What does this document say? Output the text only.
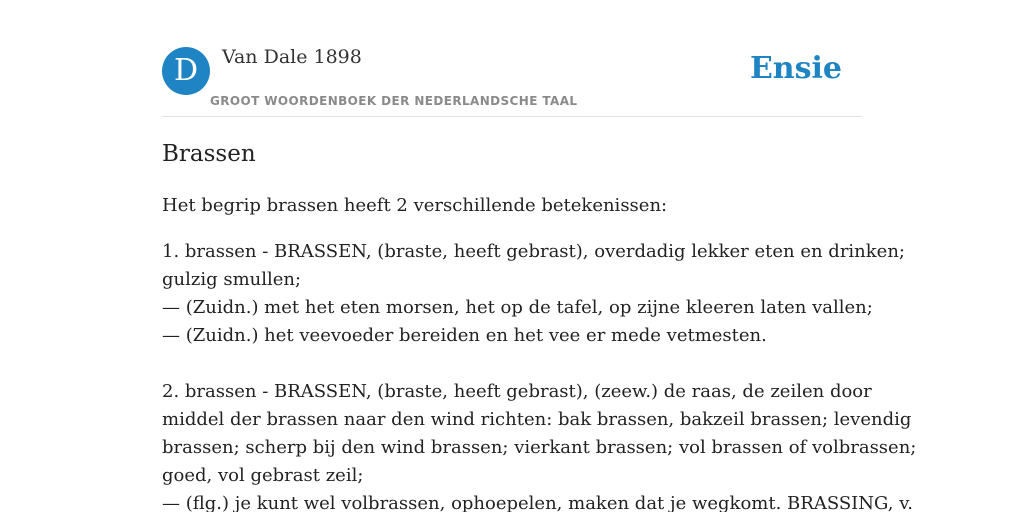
D	Van Dale 1898
GROOT WOORDENBOEK DER NEDERLANDSCHE TAAL
Ensie
Brassen

Het begrip brassen heeft 2 verschillende betekenissen:

1. brassen - BRASSEN, (braste, heeft gebrast), overdadig lekker eten en drinken;
gulzig smullen;
— (Zuidn.) met het eten morsen, het op de tafel, op zijne kleeren laten vallen;
— (Zuidn.) het veevoeder bereiden en het vee er mede vetmesten.
2. brassen - BRASSEN, (braste, heeft gebrast), (zeew.) de raas, de zeilen door
middel der brassen naar den wind richten: bak brassen, bakzeil brassen; levendig
brassen; scherp bij den wind brassen; vierkant brassen; vol brassen of volbrassen;
goed, vol gebrast zeil;
— (flg.) je kunt wel volbrassen, ophoepelen, maken dat je wegkomt. BRASSING, v.
